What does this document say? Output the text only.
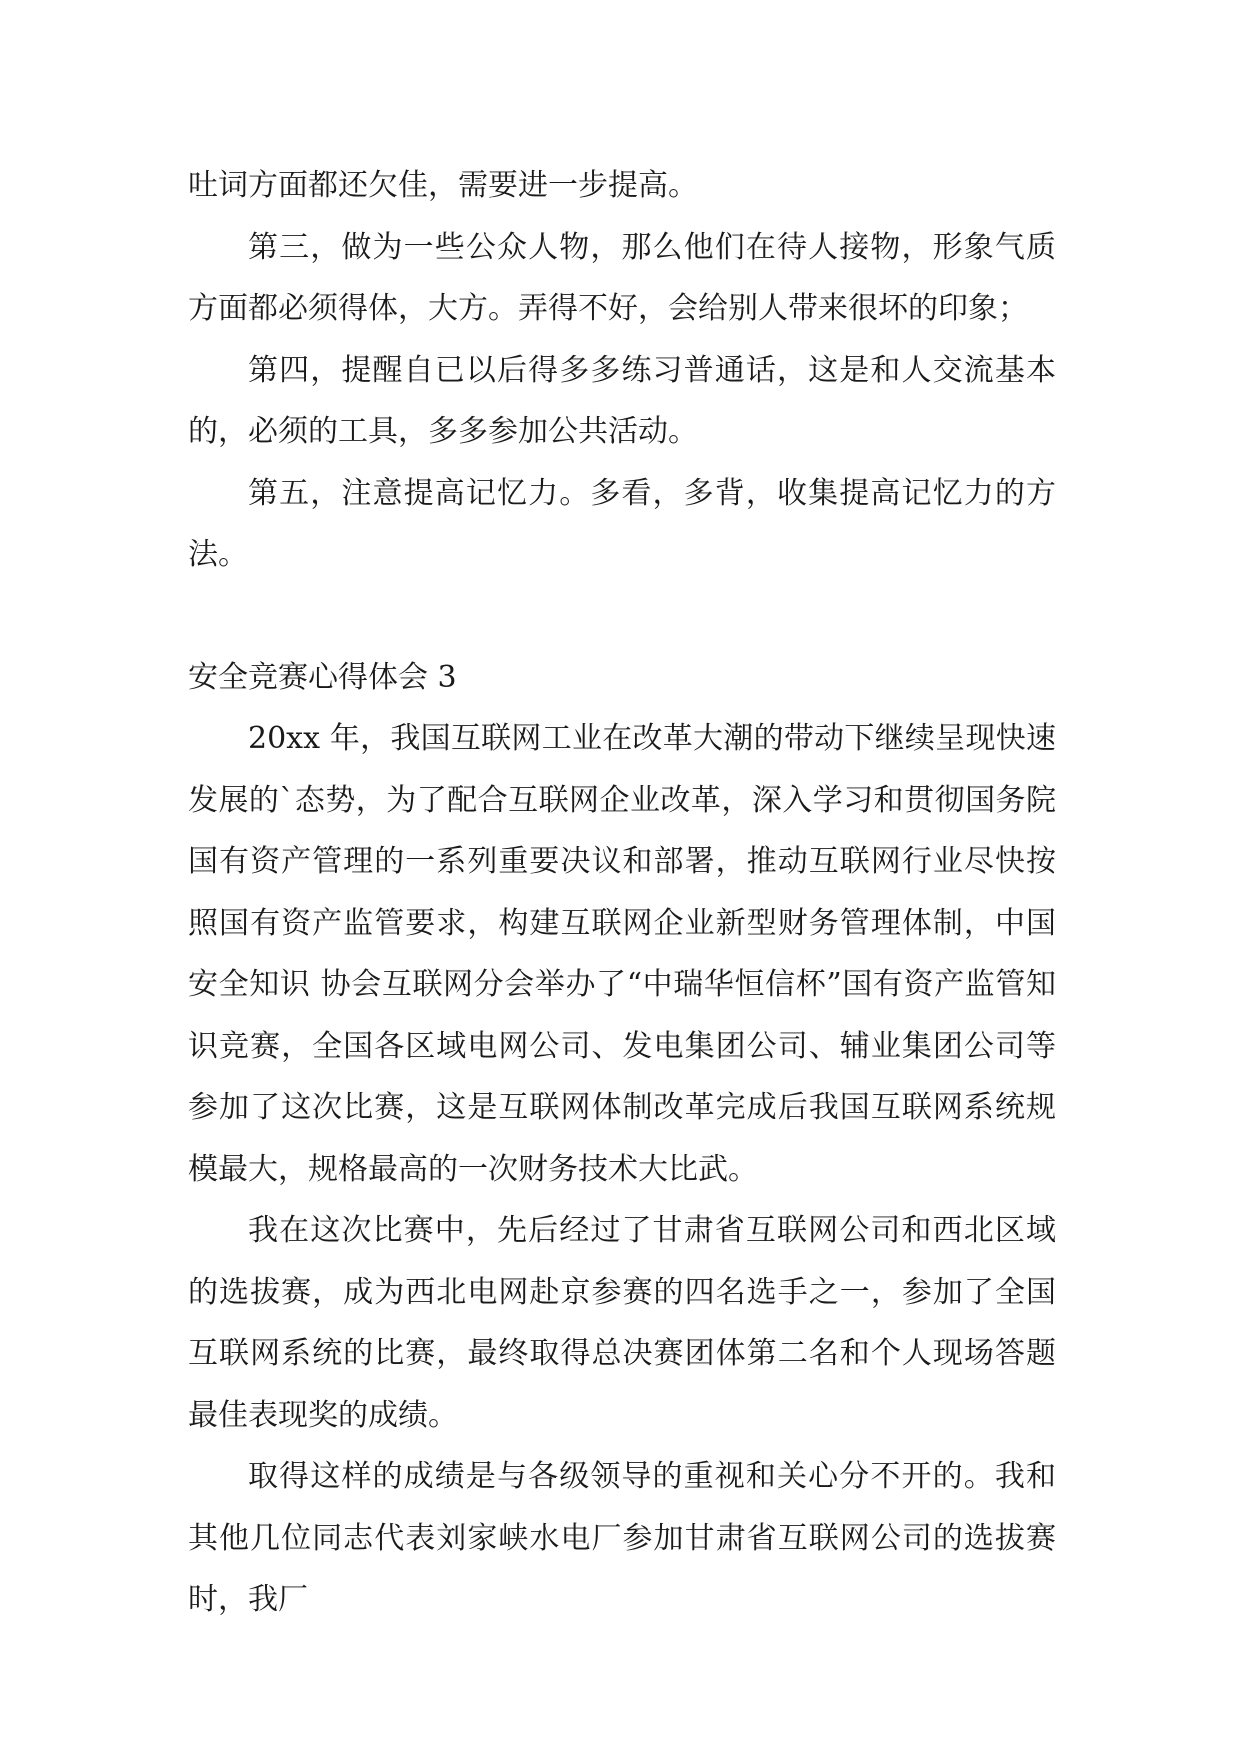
吐词方面都还欠佳，需要进一步提高。

第三，做为一些公众人物，那么他们在待人接物，形象气质方面都必须得体，大方。弄得不好，会给别人带来很坏的印象；

第四，提醒自已以后得多多练习普通话，这是和人交流基本的，必须的工具，多多参加公共活动。

第五，注意提高记忆力。多看，多背，收集提高记忆力的方法。

安全竞赛心得体会 3

20xx 年，我国互联网工业在改革大潮的带动下继续呈现快速发展的`态势，为了配合互联网企业改革，深入学习和贯彻国务院国有资产管理的一系列重要决议和部署，推动互联网行业尽快按照国有资产监管要求，构建互联网企业新型财务管理体制，中国 安全知识 协会互联网分会举办了“中瑞华恒信杯”国有资产监管知识竞赛，全国各区域电网公司、发电集团公司、辅业集团公司等参加了这次比赛，这是互联网体制改革完成后我国互联网系统规模最大，规格最高的一次财务技术大比武。

我在这次比赛中，先后经过了甘肃省互联网公司和西北区域的选拔赛，成为西北电网赴京参赛的四名选手之一，参加了全国互联网系统的比赛，最终取得总决赛团体第二名和个人现场答题最佳表现奖的成绩。

取得这样的成绩是与各级领导的重视和关心分不开的。我和其他几位同志代表刘家峡水电厂参加甘肃省互联网公司的选拔赛时，我厂
